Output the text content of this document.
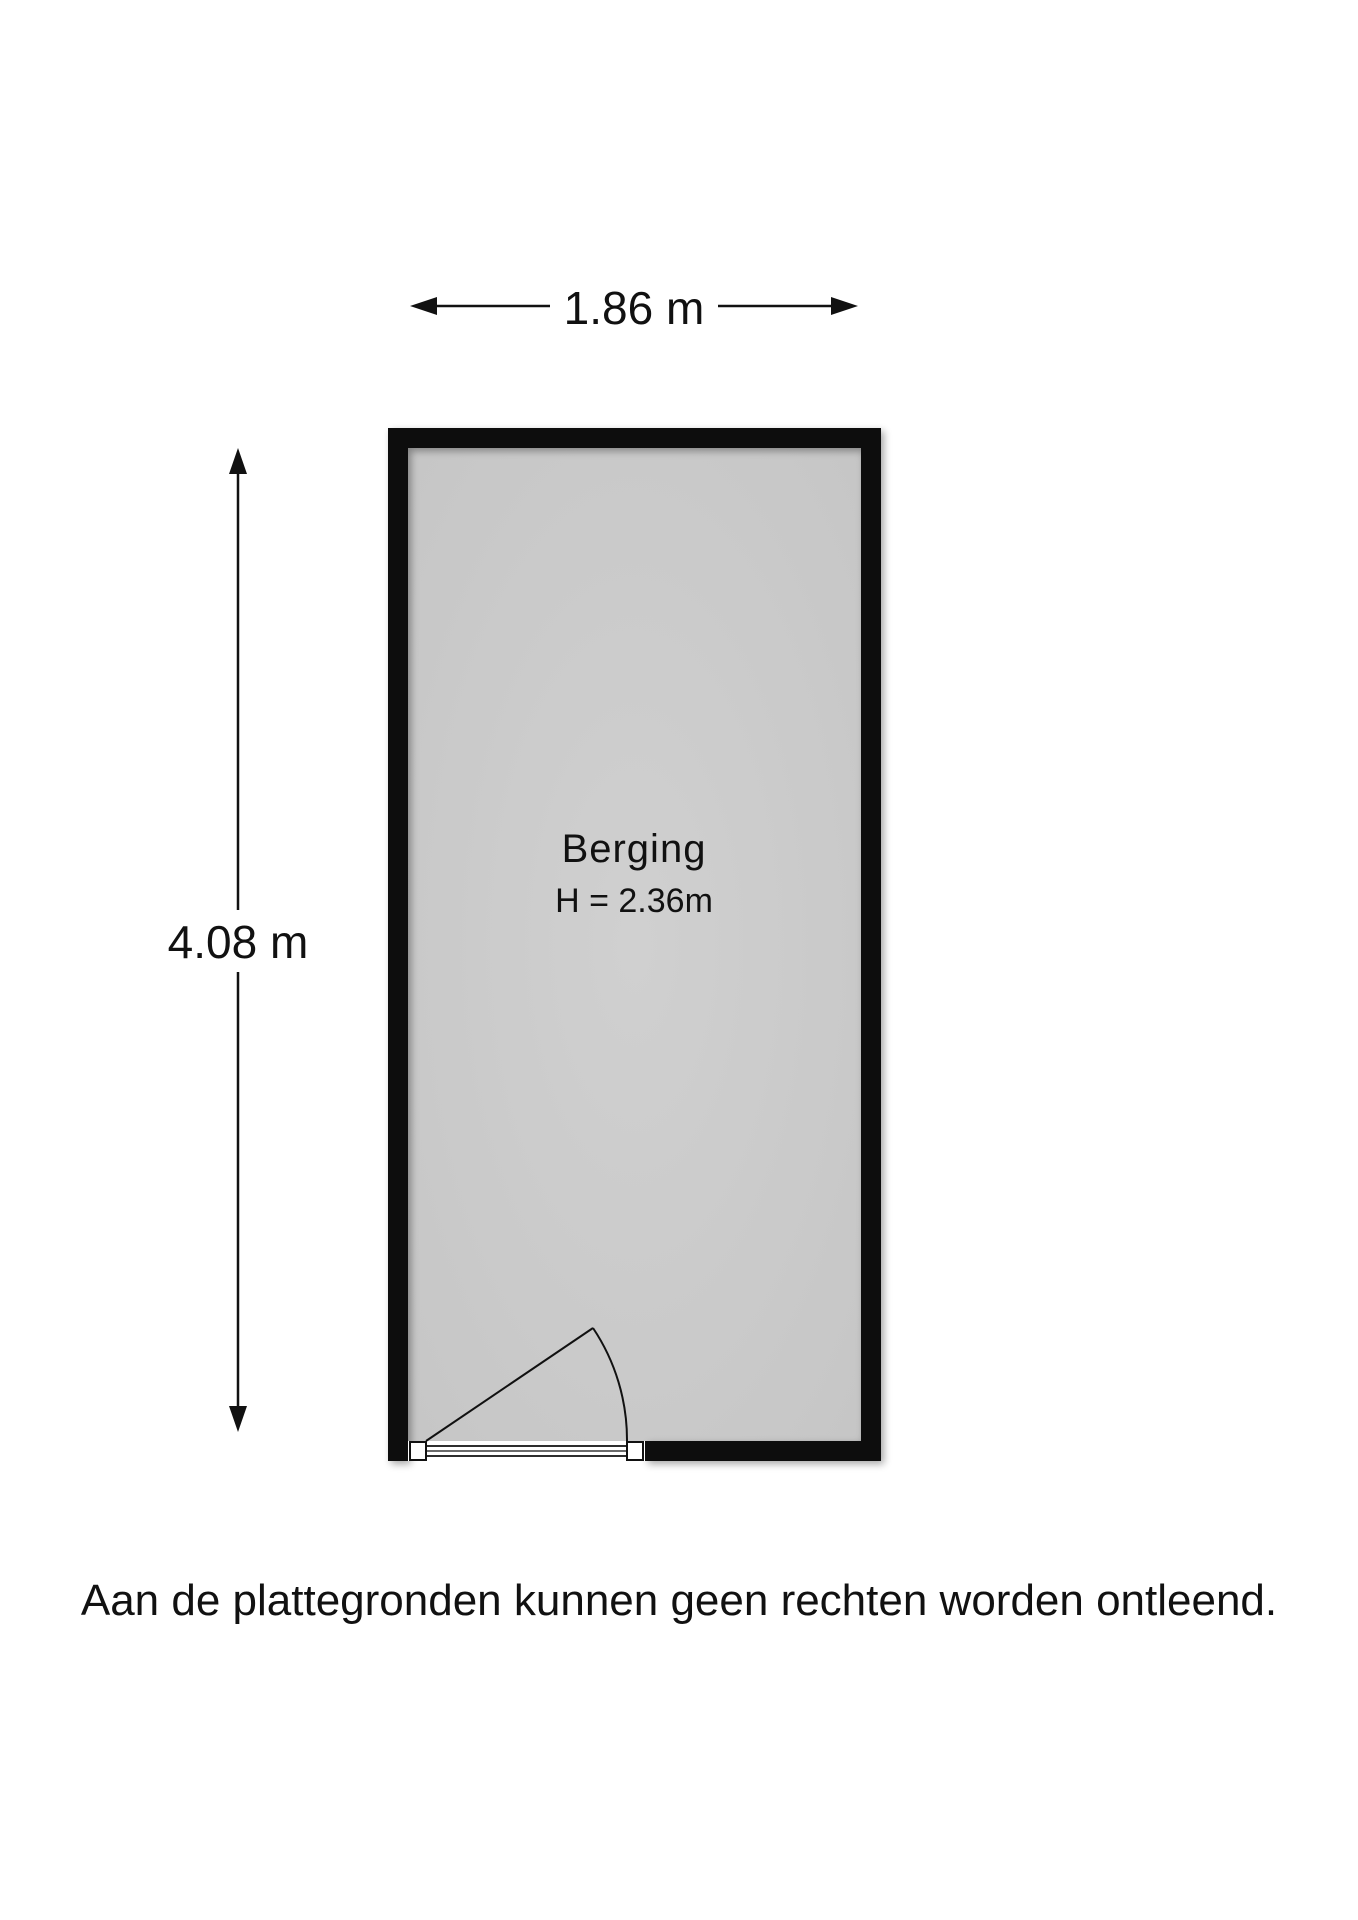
1.86 m
4.08 m
Berging
H = 2.36m
Aan de plattegronden kunnen geen rechten worden ontleend.
